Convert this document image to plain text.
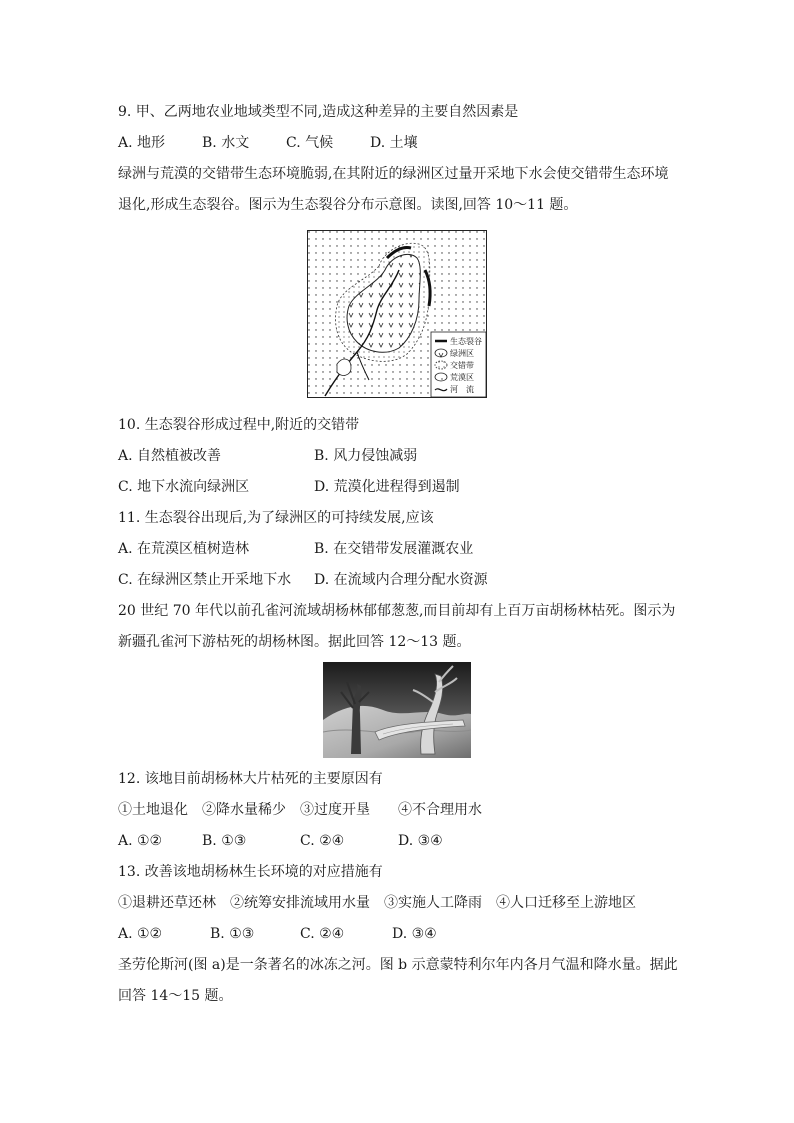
9. 甲、乙两地农业地域类型不同,造成这种差异的主要自然因素是
A. 地形	B. 水文	C. 气候	D. 土壤
绿洲与荒漠的交错带生态环境脆弱,在其附近的绿洲区过量开采地下水会使交错带生态环境
退化,形成生态裂谷。图示为生态裂谷分布示意图。读图,回答 10～11 题。
生态裂谷
绿洲区
交错带
荒漠区
河　流
10. 生态裂谷形成过程中,附近的交错带
A. 自然植被改善	B. 风力侵蚀减弱
C. 地下水流向绿洲区	D. 荒漠化进程得到遏制
11. 生态裂谷出现后,为了绿洲区的可持续发展,应该
A. 在荒漠区植树造林	B. 在交错带发展灌溉农业
C. 在绿洲区禁止开采地下水 D. 在流域内合理分配水资源
20 世纪 70 年代以前孔雀河流域胡杨林郁郁葱葱,而目前却有上百万亩胡杨林枯死。图示为
新疆孔雀河下游枯死的胡杨林图。据此回答 12～13 题。
12. 该地目前胡杨林大片枯死的主要原因有
①土地退化　②降水量稀少　③过度开垦　　④不合理用水
A. ①②	B. ①③	C. ②④	D. ③④
13. 改善该地胡杨林生长环境的对应措施有
①退耕还草还林　②统筹安排流域用水量　③实施人工降雨　④人口迁移至上游地区
A. ①②	B. ①③	C. ②④	D. ③④
圣劳伦斯河(图 a)是一条著名的冰冻之河。图 b 示意蒙特利尔年内各月气温和降水量。据此
回答 14～15 题。
